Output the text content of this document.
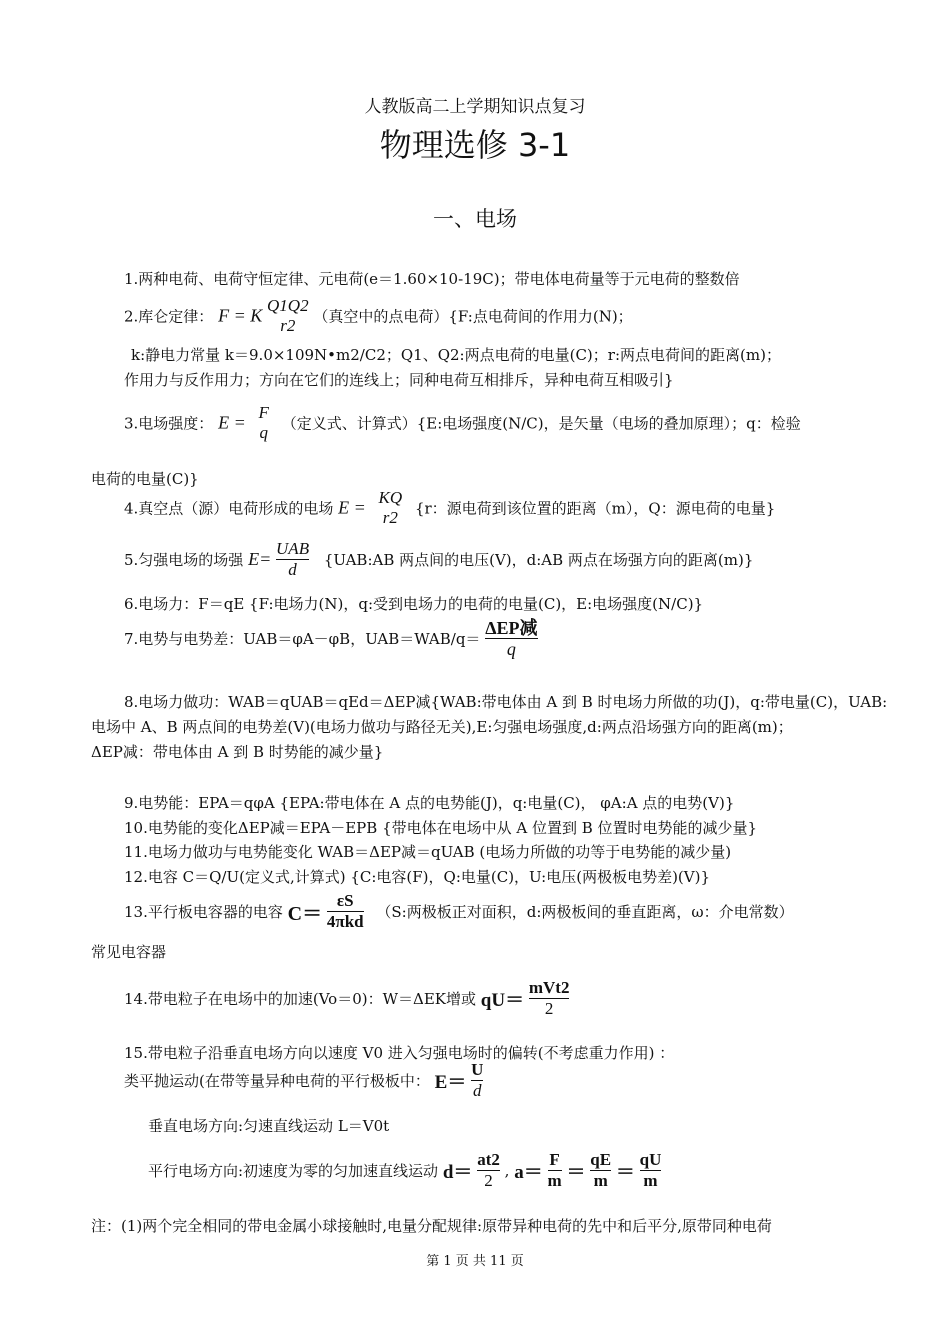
人教版高二上学期知识点复习
物理选修 3-1
一、电场
1.两种电荷、电荷守恒定律、元电荷(e＝1.60×10-19C)；带电体电荷量等于元电荷的整数倍
2.库仑定律： F = K Q1Q2
r2	（真空中的点电荷）{F:点电荷间的作用力(N)；
k:静电力常量 k＝9.0×109N•m2/C2；Q1、Q2:两点电荷的电量(C)；r:两点电荷间的距离(m)；
作用力与反作用力；方向在它们的连线上；同种电荷互相排斥，异种电荷互相吸引}
3.电场强度： E = F
q （定义式、计算式）{E:电场强度(N/C)，是矢量（电场的叠加原理）；q：检验
电荷的电量(C)}
4.真空点（源）电荷形成的电场 E = KQ
r2 {r：源电荷到该位置的距离（m），Q：源电荷的电量}
5.匀强电场的场强 $E= \frac{\text{UAB}}{d}$ {UAB:AB 两点间的电压(V)，d:AB 两点在场强方向的距离(m)}
6.电场力：F＝qE {F:电场力(N)，q:受到电场力的电荷的电量(C)，E:电场强度(N/C)}
7.电势与电势差：UAB＝φA－φB，$UAB=WAB/q= \frac{\text{ΔEP减}}{q}$
8.电场力做功：WAB＝qUAB＝qEd＝ΔEP减{WAB:带电体由 A 到 B 时电场力所做的功(J)，q:带电量(C)，UAB:
电场中 A、B 两点间的电势差(V)(电场力做功与路径无关),E:匀强电场强度,d:两点沿场强方向的距离(m)；
ΔEP减：带电体由 A 到 B 时势能的减少量}
9.电势能：EPA＝qφA {EPA:带电体在 A 点的电势能(J)，q:电量(C)， φA:A 点的电势(V)}
10.电势能的变化ΔEP减＝EPA－EPB {带电体在电场中从 A 位置到 B 位置时电势能的减少量}
11.电场力做功与电势能变化 WAB＝ΔEP减＝qUAB (电场力所做的功等于电势能的减少量)
12.电容 C＝Q/U(定义式,计算式) {C:电容(F)，Q:电量(C)，U:电压(两极板电势差)(V)}
13.平行板电容器的电容 $C= \frac{\varepsilon S}{\text{4πkd}} (S$:两极板正对面积，d:两极板间的垂直距离，ω：介电常数）
常见电容器
14.带电粒子在电场中的加速(Vo＝0)：W＝ΔEK增或 $qU= \frac{\text{mVt2}}{2}$
15.带电粒子沿垂直电场方向以速度 V0 进入匀强电场时的偏转(不考虑重力作用) ：
类平抛运动(在带等量异种电荷的平行极板中： $E= \frac{U}{d}$
垂直电场方向:匀速直线运动 L＝V0t
平行电场方向:初速度为零的匀加速直线运动 $d= \frac{at2}{2}$ , $a= \frac{F}{m} = \frac{qE}{m} = \frac{qU}{m}$
注：(1)两个完全相同的带电金属小球接触时,电量分配规律:原带异种电荷的先中和后平分,原带同种电荷
第 1 页 共 11 页
